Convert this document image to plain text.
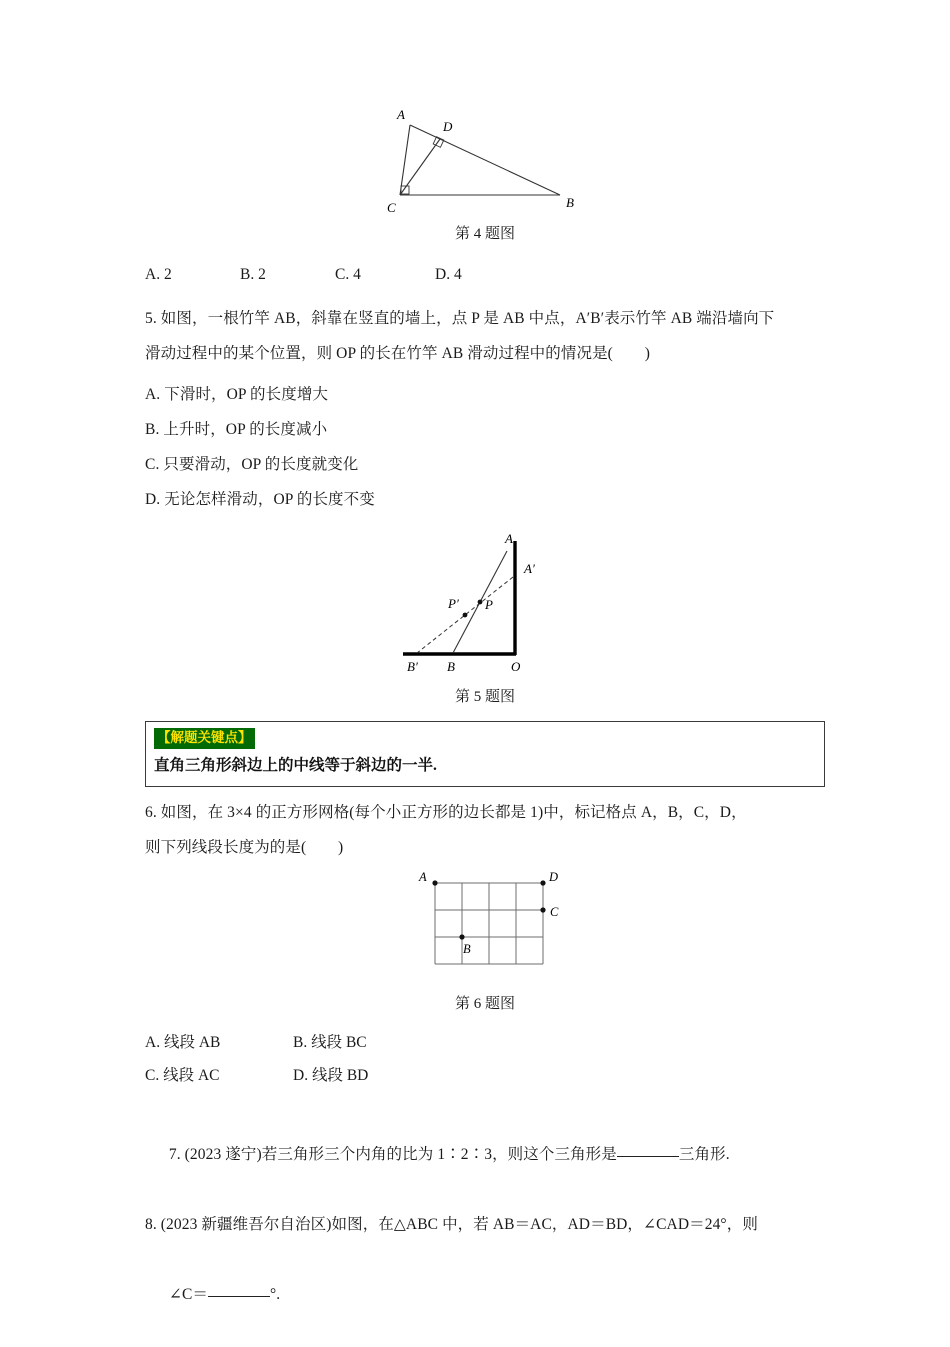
A
D
C	B
第 4 题图
A. 2	B. 2	C. 4	D. 4
5. 如图，一根竹竿 AB，斜靠在竖直的墙上，点 P 是 AB 中点，A′B′表示竹竿 AB 端沿墙向下
滑动过程中的某个位置，则 OP 的长在竹竿 AB 滑动过程中的情况是(        )
A. 下滑时，OP 的长度增大
B. 上升时，OP 的长度减小
C. 只要滑动，OP 的长度就变化
D. 无论怎样滑动，OP 的长度不变
A
A′
P
P′
B
B′	O
第 5 题图
【解题关键点】
直角三角形斜边上的中线等于斜边的一半.
6. 如图，在 3×4 的正方形网格(每个小正方形的边长都是 1)中，标记格点 A，B，C，D，
则下列线段长度为的是(        )
A	D
C
B
第 6 题图
A. 线段 AB	B. 线段 BC
C. 线段 AC	D. 线段 BD

7. (2023 遂宁)若三角形三个内角的比为 1∶2∶3，则这个三角形是	三角形.

8. (2023 新疆维吾尔自治区)如图，在△ABC 中，若 AB＝AC，AD＝BD，∠CAD＝24°，则

∠C＝	°.
